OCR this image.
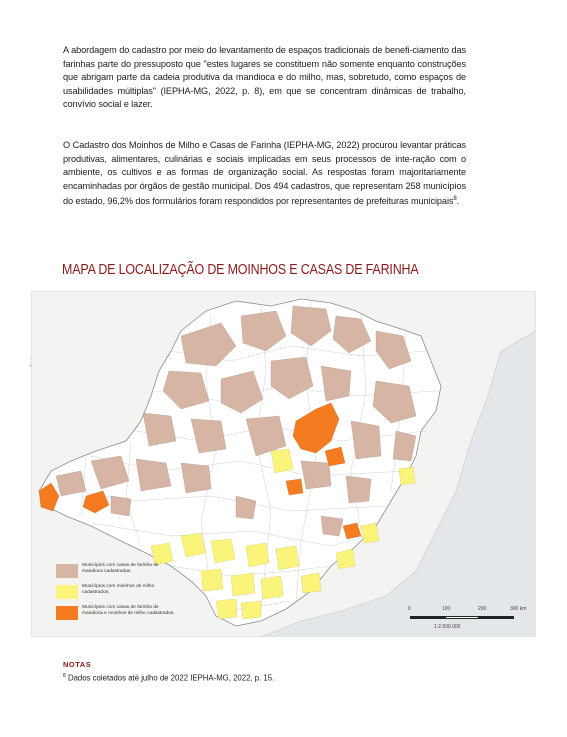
A abordagem do cadastro por meio do levantamento de espaços tradicionais de benefi-ciamento das farinhas parte do pressuposto que "estes lugares se constituem não somente enquanto construções que abrigam parte da cadeia produtiva da mandioca e do milho, mas, sobretudo, como espaços de usabilidades múltiplas" (IEPHA-MG, 2022, p. 8), em que se concentram dinâmicas de trabalho, convívio social e lazer.

O Cadastro dos Moinhos de Milho e Casas de Farinha (IEPHA-MG, 2022) procurou levantar práticas produtivas, alimentares, culinárias e sociais implicadas em seus processos de inte-ração com o ambiente, os cultivos e as formas de organização social. As respostas foram majoritariamente encaminhadas por órgãos de gestão municipal. Dos 494 cadastros, que representam 258 municípios do estado, 96,2% dos formulários foram respondidos por representantes de prefeituras municipais$^8$.

MAPA DE LOCALIZAÇÃO DE MOINHOS E CASAS DE FARINHA
Municípios com casas de farinha de mandioca cadastradas.
Municípios com moinhos de milho cadastrados.
Municípios com casas de farinha de mandioca e moinhos de milho cadastrados.
0	100	200	300 km
1:2.500.000
NOTAS
$^8$ Dados coletados até julho de 2022 IEPHA-MG, 2022, p. 15.
